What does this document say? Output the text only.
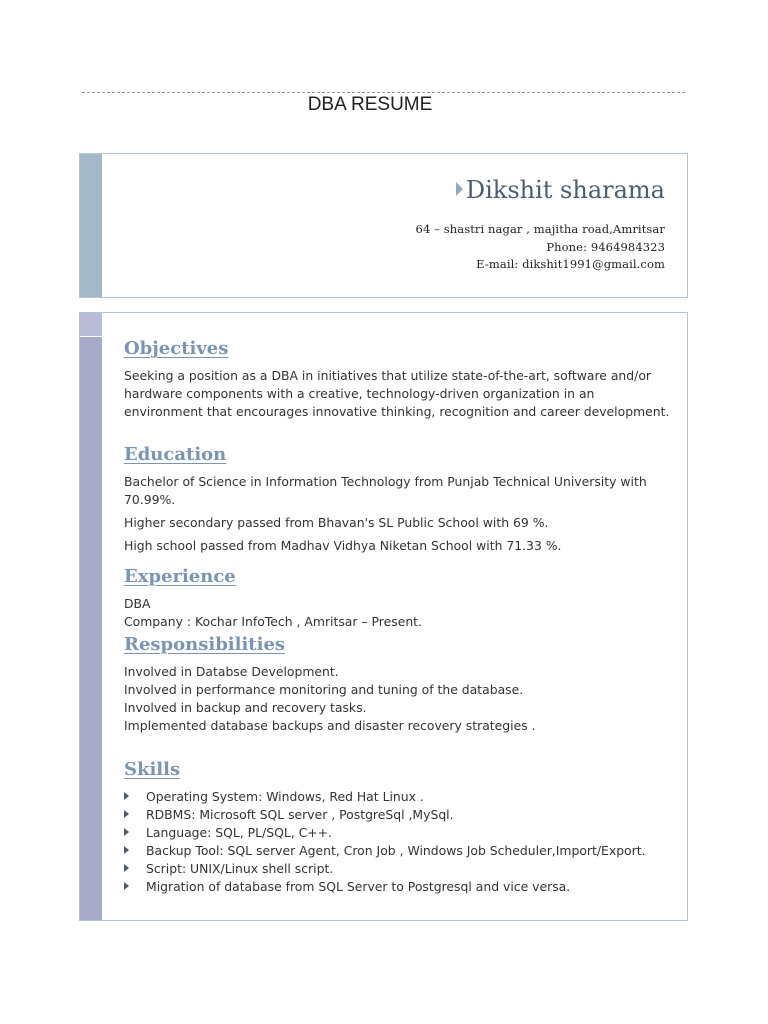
DBA RESUME
Dikshit sharama
64 – shastri nagar , majitha road,Amritsar
Phone: 9464984323
E-mail: dikshit1991@gmail.com
Objectives
Seeking a position as a DBA in initiatives that utilize state-of-the-art, software and/or
hardware components with a creative, technology-driven organization in an
environment that encourages innovative thinking, recognition and career development.
Education
Bachelor of Science in Information Technology from Punjab Technical University with
70.99%.
Higher secondary passed from Bhavan's SL Public School with 69 %.
High school passed from Madhav Vidhya Niketan School with 71.33 %.
Experience
DBA
Company : Kochar InfoTech , Amritsar – Present.
Responsibilities
Involved in Databse Development.
Involved in performance monitoring and tuning of the database.
Involved in backup and recovery tasks.
Implemented database backups and disaster recovery strategies .
Skills
Operating System: Windows, Red Hat Linux .
RDBMS: Microsoft SQL server , PostgreSql ,MySql.
Language: SQL, PL/SQL, C++.
Backup Tool: SQL server Agent, Cron Job , Windows Job Scheduler,Import/Export.
Script: UNIX/Linux shell script.
Migration of database from SQL Server to Postgresql and vice versa.
